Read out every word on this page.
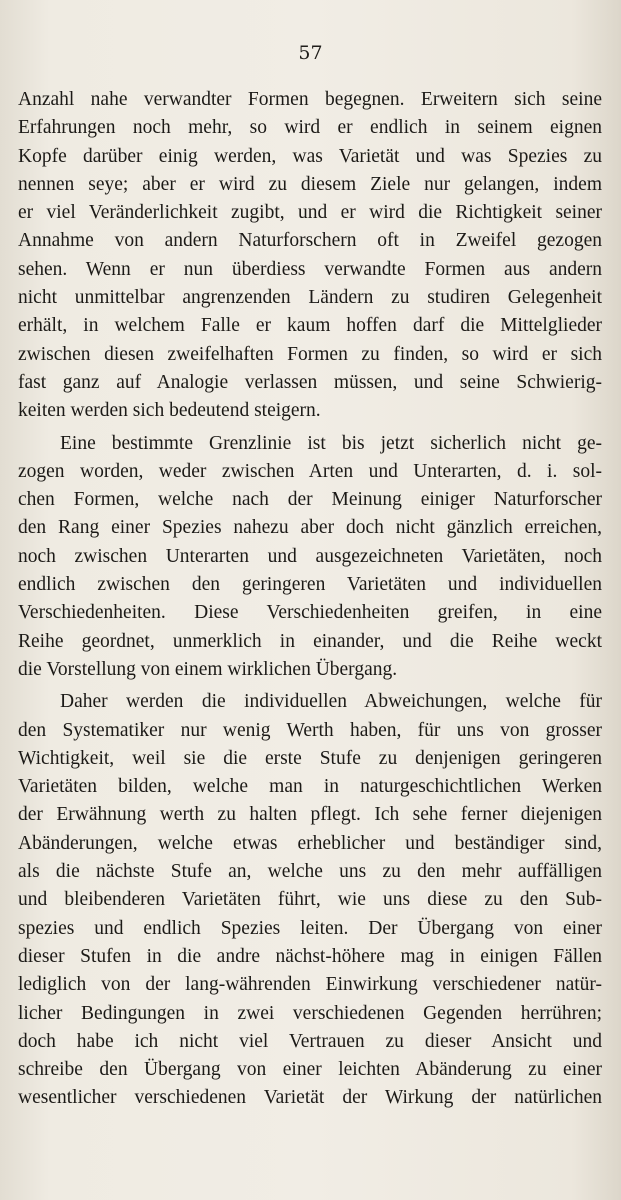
57
Anzahl nahe verwandter Formen begegnen. Erweitern sich seine
Erfahrungen noch mehr, so wird er endlich in seinem eignen
Kopfe darüber einig werden, was Varietät und was Spezies zu
nennen seye; aber er wird zu diesem Ziele nur gelangen, indem
er viel Veränderlichkeit zugibt, und er wird die Richtigkeit seiner
Annahme von andern Naturforschern oft in Zweifel gezogen
sehen. Wenn er nun überdiess verwandte Formen aus andern
nicht unmittelbar angrenzenden Ländern zu studiren Gelegenheit
erhält, in welchem Falle er kaum hoffen darf die Mittelglieder
zwischen diesen zweifelhaften Formen zu finden, so wird er sich
fast ganz auf Analogie verlassen müssen, und seine Schwierig-
keiten werden sich bedeutend steigern.
Eine bestimmte Grenzlinie ist bis jetzt sicherlich nicht ge-
zogen worden, weder zwischen Arten und Unterarten, d. i. sol-
chen Formen, welche nach der Meinung einiger Naturforscher
den Rang einer Spezies nahezu aber doch nicht gänzlich erreichen,
noch zwischen Unterarten und ausgezeichneten Varietäten, noch
endlich zwischen den geringeren Varietäten und individuellen
Verschiedenheiten. Diese Verschiedenheiten greifen, in eine
Reihe geordnet, unmerklich in einander, und die Reihe weckt
die Vorstellung von einem wirklichen Übergang.
Daher werden die individuellen Abweichungen, welche für
den Systematiker nur wenig Werth haben, für uns von grosser
Wichtigkeit, weil sie die erste Stufe zu denjenigen geringeren
Varietäten bilden, welche man in naturgeschichtlichen Werken
der Erwähnung werth zu halten pflegt. Ich sehe ferner diejenigen
Abänderungen, welche etwas erheblicher und beständiger sind,
als die nächste Stufe an, welche uns zu den mehr auffälligen
und bleibenderen Varietäten führt, wie uns diese zu den Sub-
spezies und endlich Spezies leiten. Der Übergang von einer
dieser Stufen in die andre nächst-höhere mag in einigen Fällen
lediglich von der lang-währenden Einwirkung verschiedener natür-
licher Bedingungen in zwei verschiedenen Gegenden herrühren;
doch habe ich nicht viel Vertrauen zu dieser Ansicht und
schreibe den Übergang von einer leichten Abänderung zu einer
wesentlicher verschiedenen Varietät der Wirkung der natürlichen
